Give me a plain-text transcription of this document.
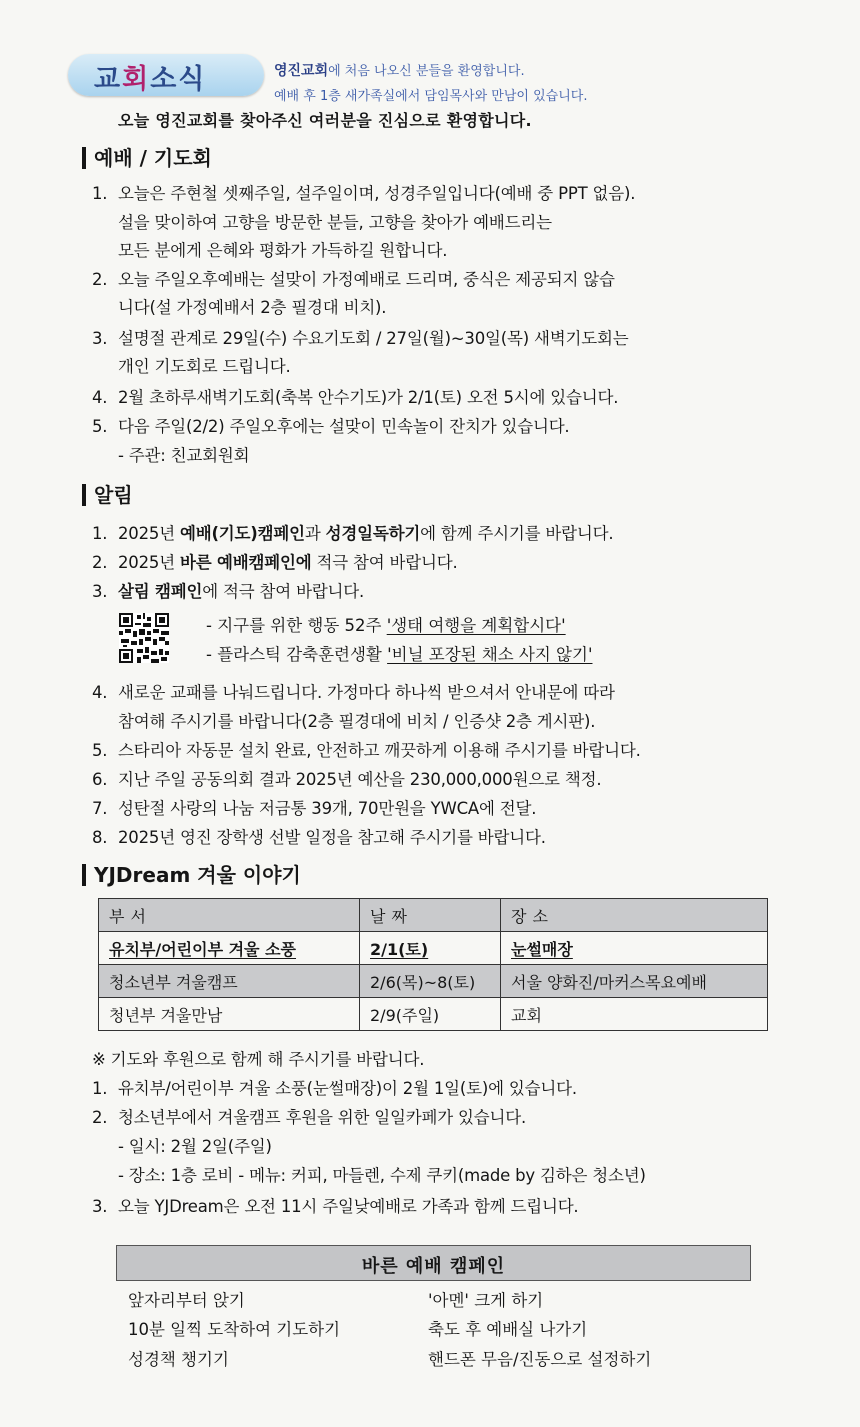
교회소식	영진교회에 처음 나오신 분들을 환영합니다.
예배 후 1층 새가족실에서 담임목사와 만남이 있습니다.
오늘 영진교회를 찾아주신 여러분을 진심으로 환영합니다.
예배 / 기도회
1. 오늘은 주현철 셋째주일, 설주일이며, 성경주일입니다(예배 중 PPT 없음).
설을 맞이하여 고향을 방문한 분들, 고향을 찾아가 예배드리는
모든 분에게 은혜와 평화가 가득하길 원합니다.
2. 오늘 주일오후예배는 설맞이 가정예배로 드리며, 중식은 제공되지 않습
니다(설 가정예배서 2층 필경대 비치).
3. 설명절 관계로 29일(수) 수요기도회 / 27일(월)~30일(목) 새벽기도회는
개인 기도회로 드립니다.
4. 2월 초하루새벽기도회(축복 안수기도)가 2/1(토) 오전 5시에 있습니다.
5. 다음 주일(2/2) 주일오후에는 설맞이 민속놀이 잔치가 있습니다.
- 주관: 친교회원회
알림
1. 2025년 예배(기도)캠페인과 성경일독하기에 함께 주시기를 바랍니다.
2. 2025년 바른 예배캠페인에 적극 참여 바랍니다.
3. 살림 캠페인에 적극 참여 바랍니다.
- 지구를 위한 행동 52주 '생태 여행을 계획합시다'
- 플라스틱 감축훈련생활 '비닐 포장된 채소 사지 않기'
4. 새로운 교패를 나눠드립니다. 가정마다 하나씩 받으셔서 안내문에 따라
참여해 주시기를 바랍니다(2층 필경대에 비치 / 인증샷 2층 게시판).
5. 스타리아 자동문 설치 완료, 안전하고 깨끗하게 이용해 주시기를 바랍니다.
6. 지난 주일 공동의회 결과 2025년 예산을 230,000,000원으로 책정.
7. 성탄절 사랑의 나눔 저금통 39개, 70만원을 YWCA에 전달.
8. 2025년 영진 장학생 선발 일정을 참고해 주시기를 바랍니다.
YJDream 겨울 이야기
부서	날짜	장소
유치부/어린이부 겨울 소풍	2/1(토)	눈썰매장
청소년부 겨울캠프	2/6(목)~8(토)	서울 양화진/마커스목요예배
청년부 겨울만남	2/9(주일)	교회
※ 기도와 후원으로 함께 해 주시기를 바랍니다.
1. 유치부/어린이부 겨울 소풍(눈썰매장)이 2월 1일(토)에 있습니다.
2. 청소년부에서 겨울캠프 후원을 위한 일일카페가 있습니다.
- 일시: 2월 2일(주일)
- 장소: 1층 로비 - 메뉴: 커피, 마들렌, 수제 쿠키(made by 김하은 청소년)
3. 오늘 YJDream은 오전 11시 주일낮예배로 가족과 함께 드립니다.
바른 예배 캠페인
앞자리부터 앉기	'아멘' 크게 하기
10분 일찍 도착하여 기도하기	축도 후 예배실 나가기
성경책 챙기기	핸드폰 무음/진동으로 설정하기
